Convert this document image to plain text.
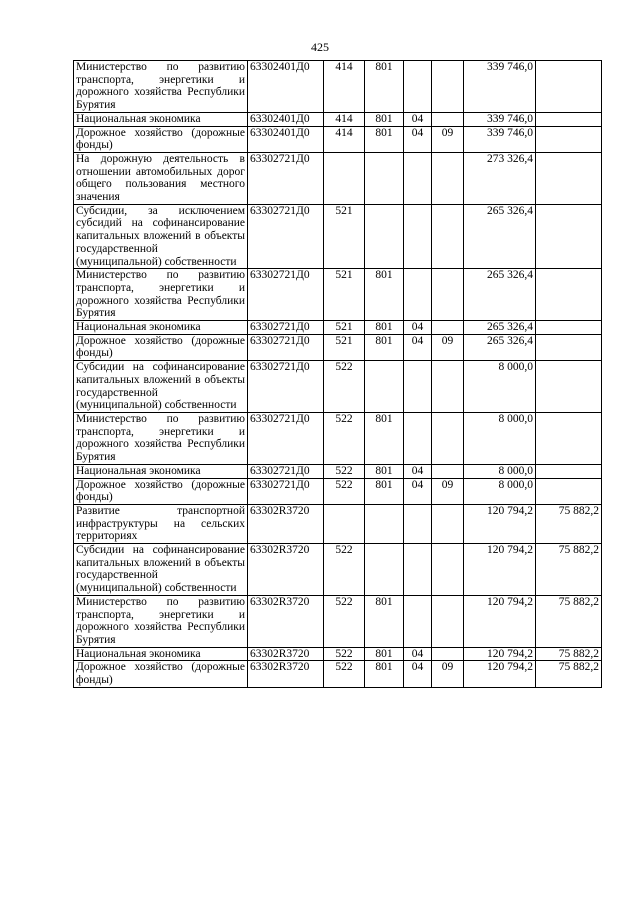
425
Министерство по развитию транспорта, энергетики и дорожного хозяйства Республики Бурятия	63302401Д0	414	801			339 746,0	
Национальная экономика	63302401Д0	414	801	04		339 746,0	
Дорожное хозяйство (дорожные фонды)	63302401Д0	414	801	04	09	339 746,0	
На дорожную деятельность в отношении автомобильных дорог общего пользования местного значения	63302721Д0					273 326,4	
Субсидии, за исключением субсидий на софинансирование капитальных вложений в объекты государственной (муниципальной) собственности	63302721Д0	521				265 326,4	
Министерство по развитию транспорта, энергетики и дорожного хозяйства Республики Бурятия	63302721Д0	521	801			265 326,4	
Национальная экономика	63302721Д0	521	801	04		265 326,4	
Дорожное хозяйство (дорожные фонды)	63302721Д0	521	801	04	09	265 326,4	
Субсидии на софинансирование капитальных вложений в объекты государственной (муниципальной) собственности	63302721Д0	522				8 000,0	
Министерство по развитию транспорта, энергетики и дорожного хозяйства Республики Бурятия	63302721Д0	522	801			8 000,0	
Национальная экономика	63302721Д0	522	801	04		8 000,0	
Дорожное хозяйство (дорожные фонды)	63302721Д0	522	801	04	09	8 000,0	
Развитие транспортной инфраструктуры на сельских территориях	63302R3720					120 794,2	75 882,2
Субсидии на софинансирование капитальных вложений в объекты государственной (муниципальной) собственности	63302R3720	522				120 794,2	75 882,2
Министерство по развитию транспорта, энергетики и дорожного хозяйства Республики Бурятия	63302R3720	522	801			120 794,2	75 882,2
Национальная экономика	63302R3720	522	801	04		120 794,2	75 882,2
Дорожное хозяйство (дорожные фонды)	63302R3720	522	801	04	09	120 794,2	75 882,2
